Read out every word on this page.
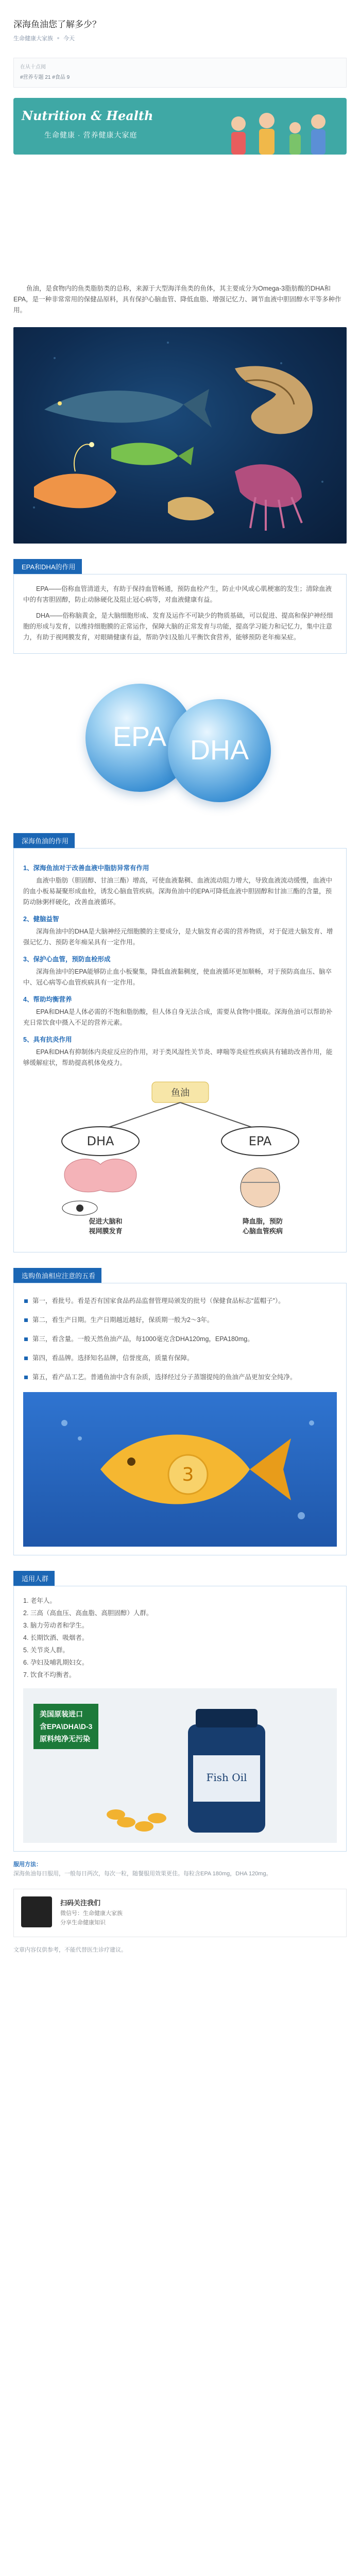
深海鱼油您了解多少？
生命健康大家族 今天
在从十点阅
#营养专题 21 #食品 9
Nutrition & Health
生命健康 · 营养健康大家庭

鱼油，是食物内的鱼类脂肪类的总称，来源于大型海洋鱼类的鱼体，其主要成分为Omega-3脂肪酸的DHA和EPA，是一种非常常用的保健品原料，具有保护心脑血管、降低血脂、增强记忆力、调节血液中胆固醇水平等多种作用。

EPA和DHA的作用

EPA——俗称血管清道夫，有助于保持血管畅通，预防血栓产生，防止中风或心肌梗塞的发生；清除血液中的有害胆固醇，防止动脉硬化及阻止冠心病等，对血液健康有益。

DHA——俗称脑黄金，是大脑细胞形成、发育及运作不可缺少的物质基础，可以促进、提高和保护神经细胞的形成与发育，以维持细胞膜的正常运作，保障大脑的正常发育与功能，提高学习能力和记忆力，集中注意力，有助于视网膜发育，对眼睛健康有益，帮助孕妇及胎儿平衡饮食营养，能够预防老年痴呆症。

EPA DHA
深海鱼油的作用
1、深海鱼油对于改善血液中脂肪异常有作用

血液中脂肪（胆固醇、甘油三酯）增高，可使血液黏稠、血液流动阻力增大，导致血液流动缓慢，血液中的血小板易凝聚形成血栓，诱发心脑血管疾病。深海鱼油中的EPA可降低血液中胆固醇和甘油三酯的含量，预防动脉粥样硬化，改善血液循环。

2、健脑益智

深海鱼油中的DHA是大脑神经元细胞膜的主要成分，是大脑发育必需的营养物质，对于促进大脑发育、增强记忆力、预防老年痴呆具有一定作用。

3、保护心血管，预防血栓形成

深海鱼油中的EPA能够防止血小板聚集，降低血液黏稠度，使血液循环更加顺畅，对于预防高血压、脑卒中、冠心病等心血管疾病具有一定作用。

4、帮助均衡营养

EPA和DHA是人体必需的不饱和脂肪酸，但人体自身无法合成，需要从食物中摄取。深海鱼油可以帮助补充日常饮食中摄入不足的营养元素。

5、具有抗炎作用

EPA和DHA有抑制体内炎症反应的作用，对于类风湿性关节炎、哮喘等炎症性疾病具有辅助改善作用，能够缓解症状，帮助提高机体免疫力。

鱼油
DHA	EPA
促进大脑和
视网膜发育
降血脂，预防
心脑血管疾病
选购鱼油相应注意的五看
第一，看批号。看是否有国家食品药品监督管理局颁发的批号（保健食品标志“蓝帽子”）。
第二，看生产日期。生产日期越近越好，保质期一般为2～3年。
第三，看含量。一般天然鱼油产品，每1000毫克含DHA120mg，EPA180mg。
第四，看品牌。选择知名品牌，信誉度高，质量有保障。
第五，看产品工艺。普通鱼油中含有杂质，选择经过分子蒸馏提纯的鱼油产品更加安全纯净。
3
适用人群
1. 老年人。
2. 三高（高血压、高血脂、高胆固醇）人群。
3. 脑力劳动者和学生。
4. 长期饮酒、吸烟者。
5. 关节炎人群。
6. 孕妇及哺乳期妇女。
7. 饮食不均衡者。
美国原装进口
含EPA\DHA\D-3
原料纯净无污染
Fish Oil
服用方法：
深海鱼油每日服用，一般每日两次，每次一粒，随餐服用效果更佳。每粒含EPA 180mg，DHA 120mg。
扫码关注我们
微信号：生命健康大家族
分享生命健康知识
文章内容仅供参考，不能代替医生诊疗建议。
